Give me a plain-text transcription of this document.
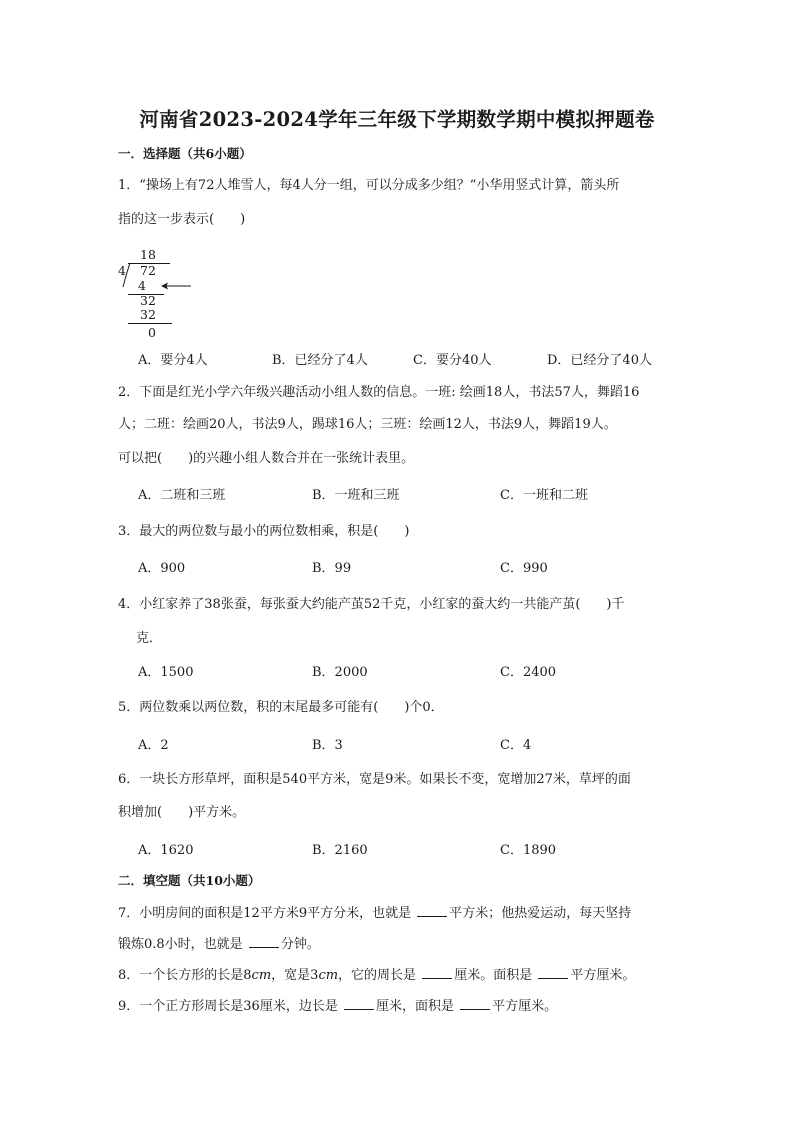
河南省2023-2024学年三年级下学期数学期中模拟押题卷
一．选择题（共6小题）
1．“操场上有72人堆雪人，每4人分一组，可以分成多少组？”小华用竖式计算，箭头所
指的这一步表示(　　)
18
4 72
4
32
32
0
A．要分4人	B．已经分了4人	C．要分40人	D．已经分了40人
2．下面是红光小学六年级兴趣活动小组人数的信息。一班: 绘画18人，书法57人，舞蹈16
人；二班：绘画20人，书法9人，踢球16人；三班：绘画12人，书法9人，舞蹈19人。
可以把(　　)的兴趣小组人数合并在一张统计表里。
A．二班和三班	B．一班和三班	C．一班和二班
3．最大的两位数与最小的两位数相乘，积是(　　)
A．900	B．99	C．990
4．小红家养了38张蚕，每张蚕大约能产茧52千克，小红家的蚕大约一共能产茧(　　)千
克．
A．1500	B．2000	C．2400
5．两位数乘以两位数，积的末尾最多可能有(　　)个0．
A．2	B．3	C．4
6．一块长方形草坪，面积是540平方米，宽是9米。如果长不变，宽增加27米，草坪的面
积增加(　　)平方米。
A．1620	B．2160	C．1890
二．填空题（共10小题）
7．小明房间的面积是12平方米9平方分米，也就是	平方米；他热爱运动，每天坚持
锻炼0.8小时，也就是	分钟。
8．一个长方形的长是8cm，宽是3cm，它的周长是	厘米。面积是	平方厘米。
9．一个正方形周长是36厘米，边长是	厘米，面积是	平方厘米。
